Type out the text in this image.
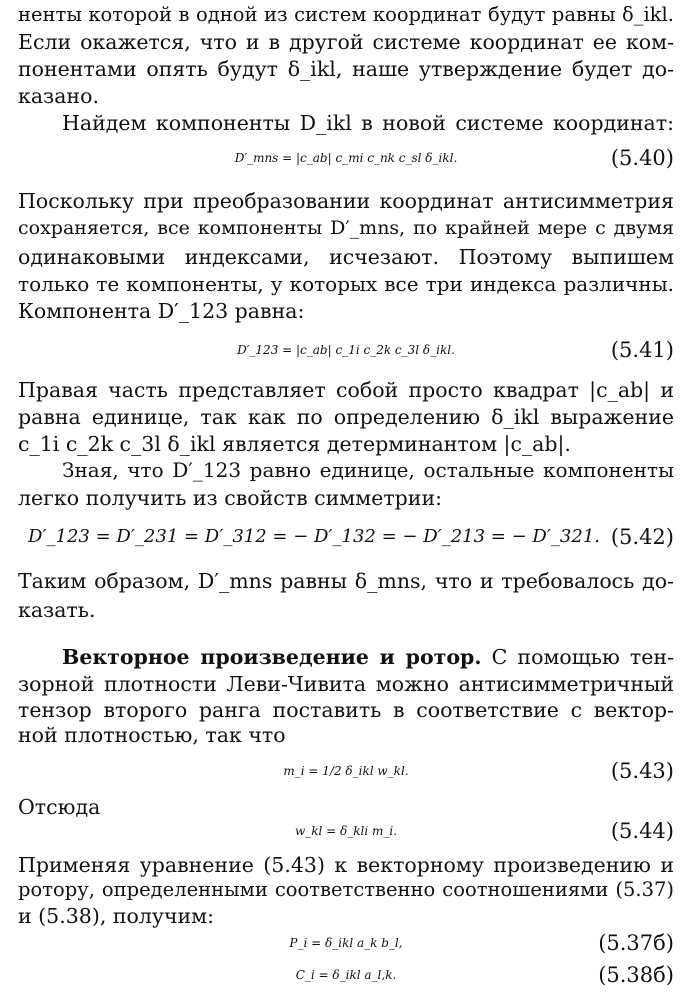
ненты которой в одной из систем координат будут равны δ_ikl.
Если окажется, что и в другой системе координат ее ком-
понентами опять будут δ_ikl, наше утверждение будет до-
казано.
Найдем компоненты D_ikl в новой системе координат:
D′_mns = |c_ab| c_mi c_nk c_sl δ_ikl.	(5.40)
Поскольку при преобразовании координат антисимметрия
сохраняется, все компоненты D′_mns, по крайней мере с двумя
одинаковыми индексами, исчезают. Поэтому выпишем
только те компоненты, у которых все три индекса различны.
Компонента D′_123 равна:
D′_123 = |c_ab| c_1i c_2k c_3l δ_ikl.	(5.41)
Правая часть представляет собой просто квадрат |c_ab| и
равна единице, так как по определению δ_ikl выражение
c_1i c_2k c_3l δ_ikl является детерминантом |c_ab|.
Зная, что D′_123 равно единице, остальные компоненты
легко получить из свойств симметрии:
D′_123 = D′_231 = D′_312 = − D′_132 = − D′_213 = − D′_321. (5.42)
Таким образом, D′_mns равны δ_mns, что и требовалось до-
казать.
Векторное произведение и ротор. С помощью тен-
зорной плотности Леви-Чивита можно антисимметричный
тензор второго ранга поставить в соответствие с вектор-
ной плотностью, так что
m_i = 1/2 δ_ikl w_kl.	(5.43)
Отсюда
w_kl = δ_kli m_i.	(5.44)
Применяя уравнение (5.43) к векторному произведению и
ротору, определенными соответственно соотношениями (5.37)
и (5.38), получим:
P_i = δ_ikl a_k b_l,	(5.37б)
C_i = δ_ikl a_l,k.	(5.38б)
